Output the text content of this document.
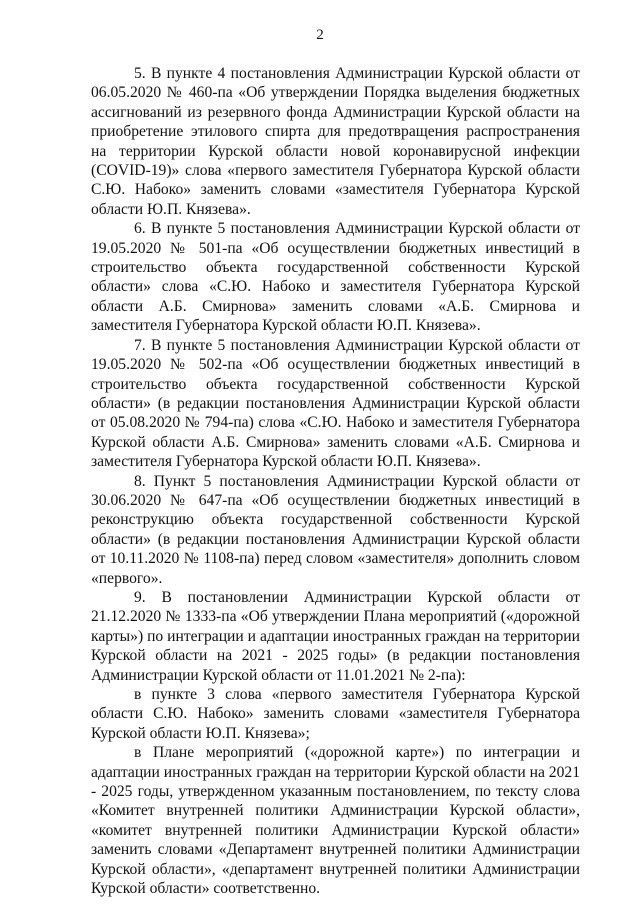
2

5. В пункте 4 постановления Администрации Курской области от 06.05.2020 № 460-па «Об утверждении Порядка выделения бюджетных ассигнований из резервного фонда Администрации Курской области на приобретение этилового спирта для предотвращения распространения на территории Курской области новой коронавирусной инфекции (COVID-19)» слова «первого заместителя Губернатора Курской области С.Ю. Набоко» заменить словами «заместителя Губернатора Курской области Ю.П. Князева».

6. В пункте 5 постановления Администрации Курской области от 19.05.2020 № 501-па «Об осуществлении бюджетных инвестиций в строительство объекта государственной собственности Курской области» слова «С.Ю. Набоко и заместителя Губернатора Курской области А.Б. Смирнова» заменить словами «А.Б. Смирнова и заместителя Губернатора Курской области Ю.П. Князева».

7. В пункте 5 постановления Администрации Курской области от 19.05.2020 № 502-па «Об осуществлении бюджетных инвестиций в строительство объекта государственной собственности Курской области» (в редакции постановления Администрации Курской области от 05.08.2020 № 794-па) слова «С.Ю. Набоко и заместителя Губернатора Курской области А.Б. Смирнова» заменить словами «А.Б. Смирнова и заместителя Губернатора Курской области Ю.П. Князева».

8. Пункт 5 постановления Администрации Курской области от 30.06.2020 № 647-па «Об осуществлении бюджетных инвестиций в реконструкцию объекта государственной собственности Курской области» (в редакции постановления Администрации Курской области от 10.11.2020 № 1108-па) перед словом «заместителя» дополнить словом «первого».

9. В постановлении Администрации Курской области от 21.12.2020 № 1333-па «Об утверждении Плана мероприятий («дорожной карты») по интеграции и адаптации иностранных граждан на территории Курской области на 2021 - 2025 годы» (в редакции постановления Администрации Курской области от 11.01.2021 № 2-па):

в пункте 3 слова «первого заместителя Губернатора Курской области С.Ю. Набоко» заменить словами «заместителя Губернатора Курской области Ю.П. Князева»;

в Плане мероприятий («дорожной карте») по интеграции и адаптации иностранных граждан на территории Курской области на 2021 - 2025 годы, утвержденном указанным постановлением, по тексту слова «Комитет внутренней политики Администрации Курской области», «комитет внутренней политики Администрации Курской области» заменить словами «Департамент внутренней политики Администрации Курской области», «департамент внутренней политики Администрации Курской области» соответственно.
